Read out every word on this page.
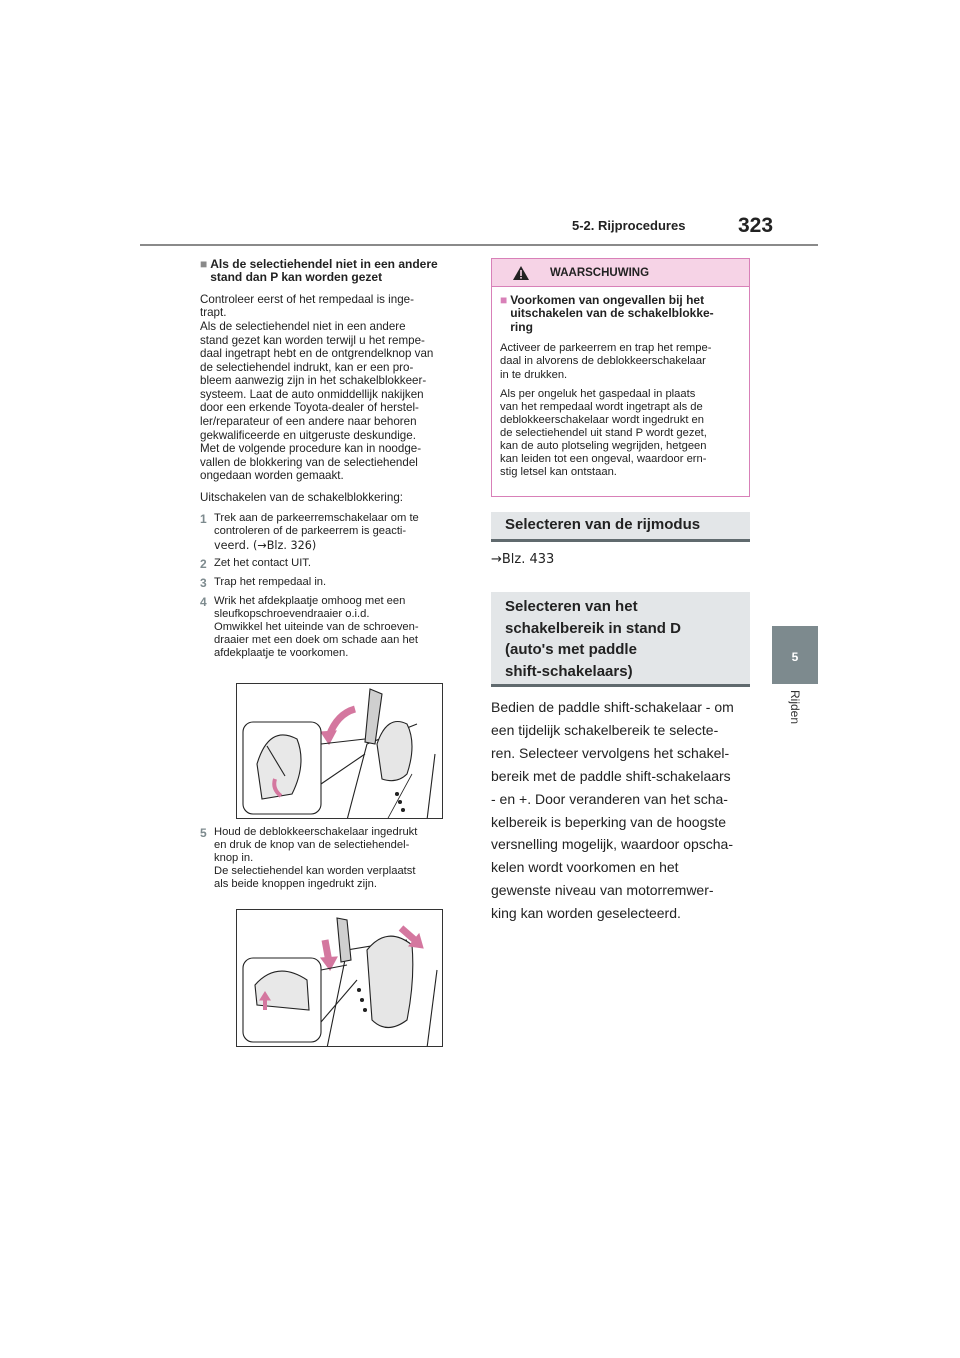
5-2. Rijprocedures	323
5
Rijden
■ Als de selectiehendel niet in een andere
stand dan P kan worden gezet

Controleer eerst of het rempedaal is inge-
trapt.
Als de selectiehendel niet in een andere
stand gezet kan worden terwijl u het rempe-
daal ingetrapt hebt en de ontgrendelknop van
de selectiehendel indrukt, kan er een pro-
bleem aanwezig zijn in het schakelblokkeer-
systeem. Laat de auto onmiddellijk nakijken
door een erkende Toyota-dealer of herstel-
ler/reparateur of een andere naar behoren
gekwalificeerde en uitgeruste deskundige.
Met de volgende procedure kan in noodge-
vallen de blokkering van de selectiehendel
ongedaan worden gemaakt.

Uitschakelen van de schakelblokkering:

1 Trek aan de parkeerremschakelaar om te
controleren of de parkeerrem is geacti-
veerd. (→Blz. 326)
2 Zet het contact UIT.
3 Trap het rempedaal in.
4 Wrik het afdekplaatje omhoog met een
sleufkopschroevendraaier o.i.d.
Omwikkel het uiteinde van de schroeven-
draaier met een doek om schade aan het
afdekplaatje te voorkomen.
5 Houd de deblokkeerschakelaar ingedrukt
en druk de knop van de selectiehendel-
knop in.
De selectiehendel kan worden verplaatst
als beide knoppen ingedrukt zijn.
WAARSCHUWING
■ Voorkomen van ongevallen bij het
uitschakelen van de schakelblokke-
ring

Activeer de parkeerrem en trap het rempe-
daal in alvorens de deblokkeerschakelaar
in te drukken.

Als per ongeluk het gaspedaal in plaats
van het rempedaal wordt ingetrapt als de
deblokkeerschakelaar wordt ingedrukt en
de selectiehendel uit stand P wordt gezet,
kan de auto plotseling wegrijden, hetgeen
kan leiden tot een ongeval, waardoor ern-
stig letsel kan ontstaan.

Selecteren van de rijmodus
→Blz. 433
Selecteren van het
schakelbereik in stand D
(auto's met paddle
shift-schakelaars)
Bedien de paddle shift-schakelaar - om
een tijdelijk schakelbereik te selecte-
ren. Selecteer vervolgens het schakel-
bereik met de paddle shift-schakelaars
- en +. Door veranderen van het scha-
kelbereik is beperking van de hoogste
versnelling mogelijk, waardoor opscha-
kelen wordt voorkomen en het
gewenste niveau van motorremwer-
king kan worden geselecteerd.
